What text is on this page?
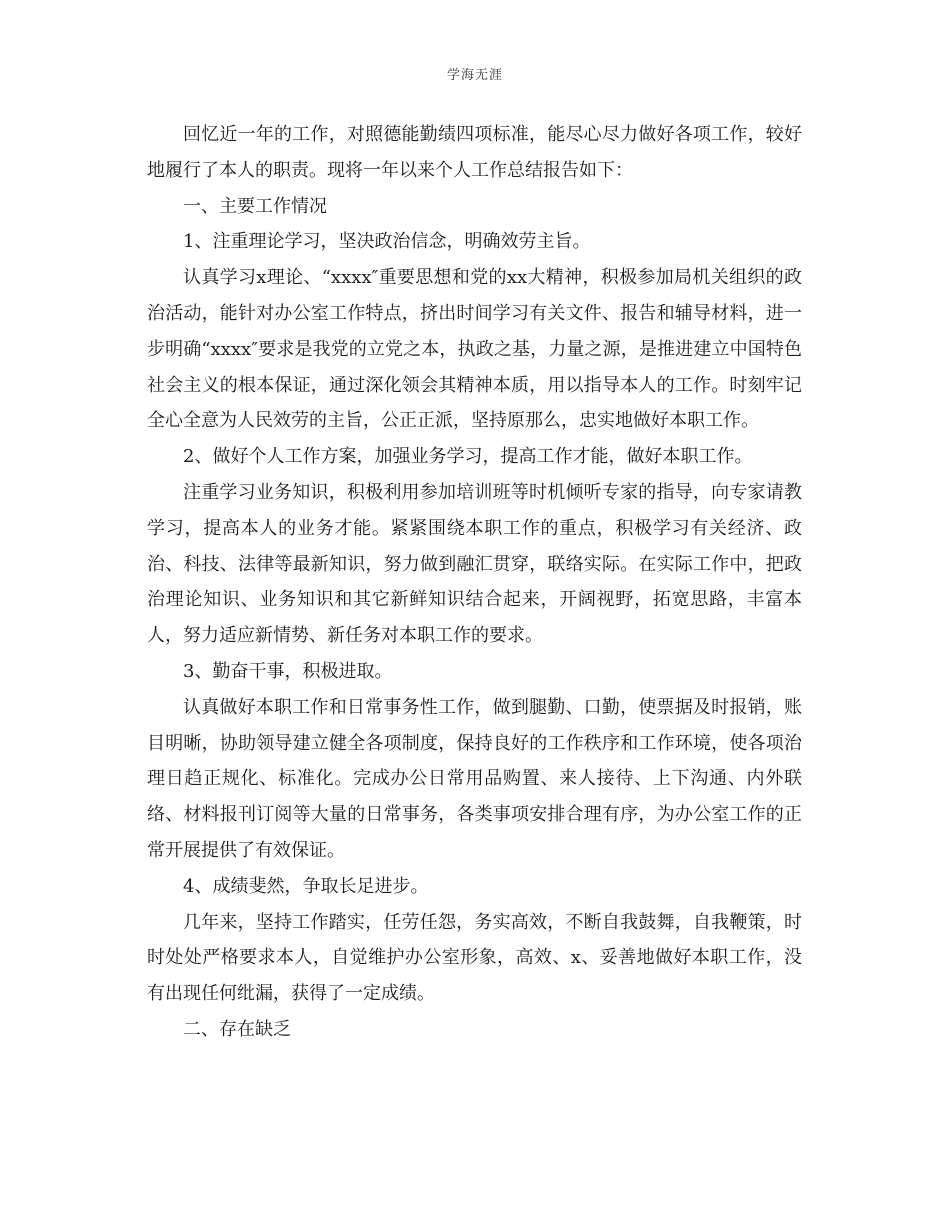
学海无涯

回忆近一年的工作，对照德能勤绩四项标准，能尽心尽力做好各项工作，较好地履行了本人的职责。现将一年以来个人工作总结报告如下：

一、主要工作情况

1、注重理论学习，坚决政治信念，明确效劳主旨。

认真学习x理论、“xxxx″重要思想和党的xx大精神，积极参加局机关组织的政治活动，能针对办公室工作特点，挤出时间学习有关文件、报告和辅导材料，进一步明确“xxxx″要求是我党的立党之本，执政之基，力量之源，是推进建立中国特色社会主义的根本保证，通过深化领会其精神本质，用以指导本人的工作。时刻牢记全心全意为人民效劳的主旨，公正正派，坚持原那么，忠实地做好本职工作。

2、做好个人工作方案，加强业务学习，提高工作才能，做好本职工作。

注重学习业务知识，积极利用参加培训班等时机倾听专家的指导，向专家请教学习，提高本人的业务才能。紧紧围绕本职工作的重点，积极学习有关经济、政治、科技、法律等最新知识，努力做到融汇贯穿，联络实际。在实际工作中，把政治理论知识、业务知识和其它新鲜知识结合起来，开阔视野，拓宽思路，丰富本人，努力适应新情势、新任务对本职工作的要求。

3、勤奋干事，积极进取。

认真做好本职工作和日常事务性工作，做到腿勤、口勤，使票据及时报销，账目明晰，协助领导建立健全各项制度，保持良好的工作秩序和工作环境，使各项治理日趋正规化、标准化。完成办公日常用品购置、来人接待、上下沟通、内外联络、材料报刊订阅等大量的日常事务，各类事项安排合理有序，为办公室工作的正常开展提供了有效保证。

4、成绩斐然，争取长足进步。

几年来，坚持工作踏实，任劳任怨，务实高效，不断自我鼓舞，自我鞭策，时时处处严格要求本人，自觉维护办公室形象，高效、x、妥善地做好本职工作，没有出现任何纰漏，获得了一定成绩。

二、存在缺乏
